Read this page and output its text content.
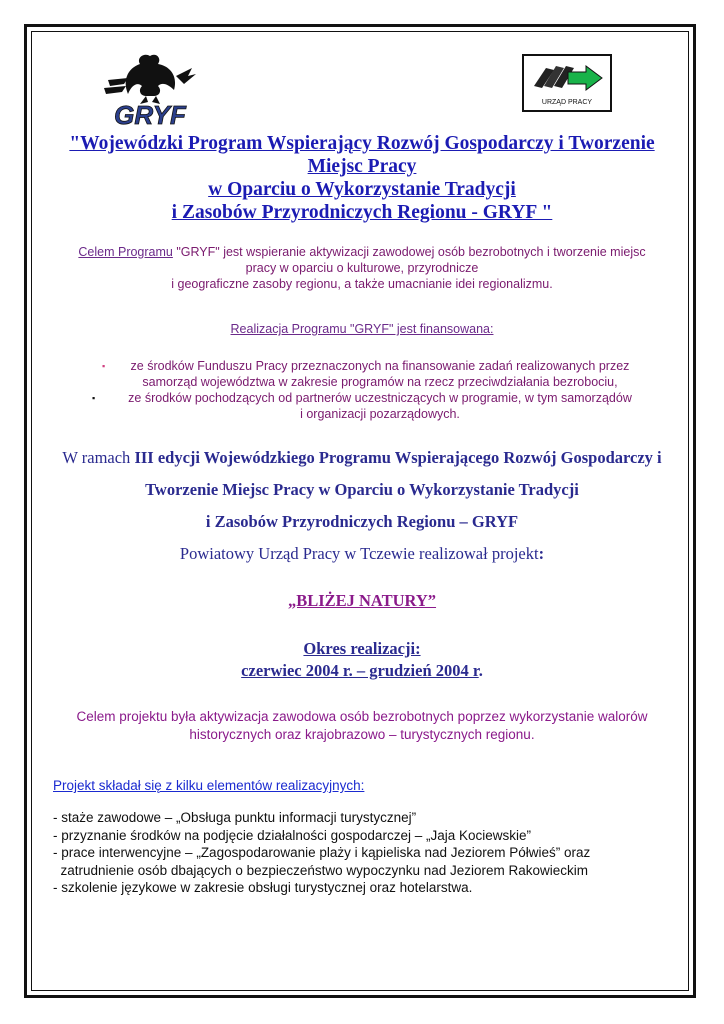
GRYF	URZĄD PRACY
"Wojewódzki Program Wspierający Rozwój Gospodarczy i Tworzenie
Miejsc Pracy
w Oparciu o Wykorzystanie Tradycji
i Zasobów Przyrodniczych Regionu - GRYF "
Celem Programu "GRYF" jest wspieranie aktywizacji zawodowej osób bezrobotnych i tworzenie miejsc
pracy w oparciu o kulturowe, przyrodnicze
i geograficzne zasoby regionu, a także umacnianie idei regionalizmu.
Realizacja Programu "GRYF" jest finansowana:
▪	ze środków Funduszu Pracy przeznaczonych na finansowanie zadań realizowanych przez
samorząd województwa w zakresie programów na rzecz przeciwdziałania bezrobociu,
▪	ze środków pochodzących od partnerów uczestniczących w programie, w tym samorządów
i organizacji pozarządowych.
W ramach III edycji Wojewódzkiego Programu Wspierającego Rozwój Gospodarczy i
Tworzenie Miejsc Pracy w Oparciu o Wykorzystanie Tradycji
i Zasobów Przyrodniczych Regionu – GRYF
Powiatowy Urząd Pracy w Tczewie realizował projekt:
„BLIŻEJ NATURY”
Okres realizacji:
czerwiec 2004 r. – grudzień 2004 r.
Celem projektu była aktywizacja zawodowa osób bezrobotnych poprzez wykorzystanie walorów
historycznych oraz krajobrazowo – turystycznych regionu.
Projekt składał się z kilku elementów realizacyjnych:
- staże zawodowe – „Obsługa punktu informacji turystycznej”
- przyznanie środków na podjęcie działalności gospodarczej – „Jaja Kociewskie”
- prace interwencyjne – „Zagospodarowanie plaży i kąpieliska nad Jeziorem Półwieś” oraz
zatrudnienie osób dbających o bezpieczeństwo wypoczynku nad Jeziorem Rakowieckim
- szkolenie językowe w zakresie obsługi turystycznej oraz hotelarstwa.
